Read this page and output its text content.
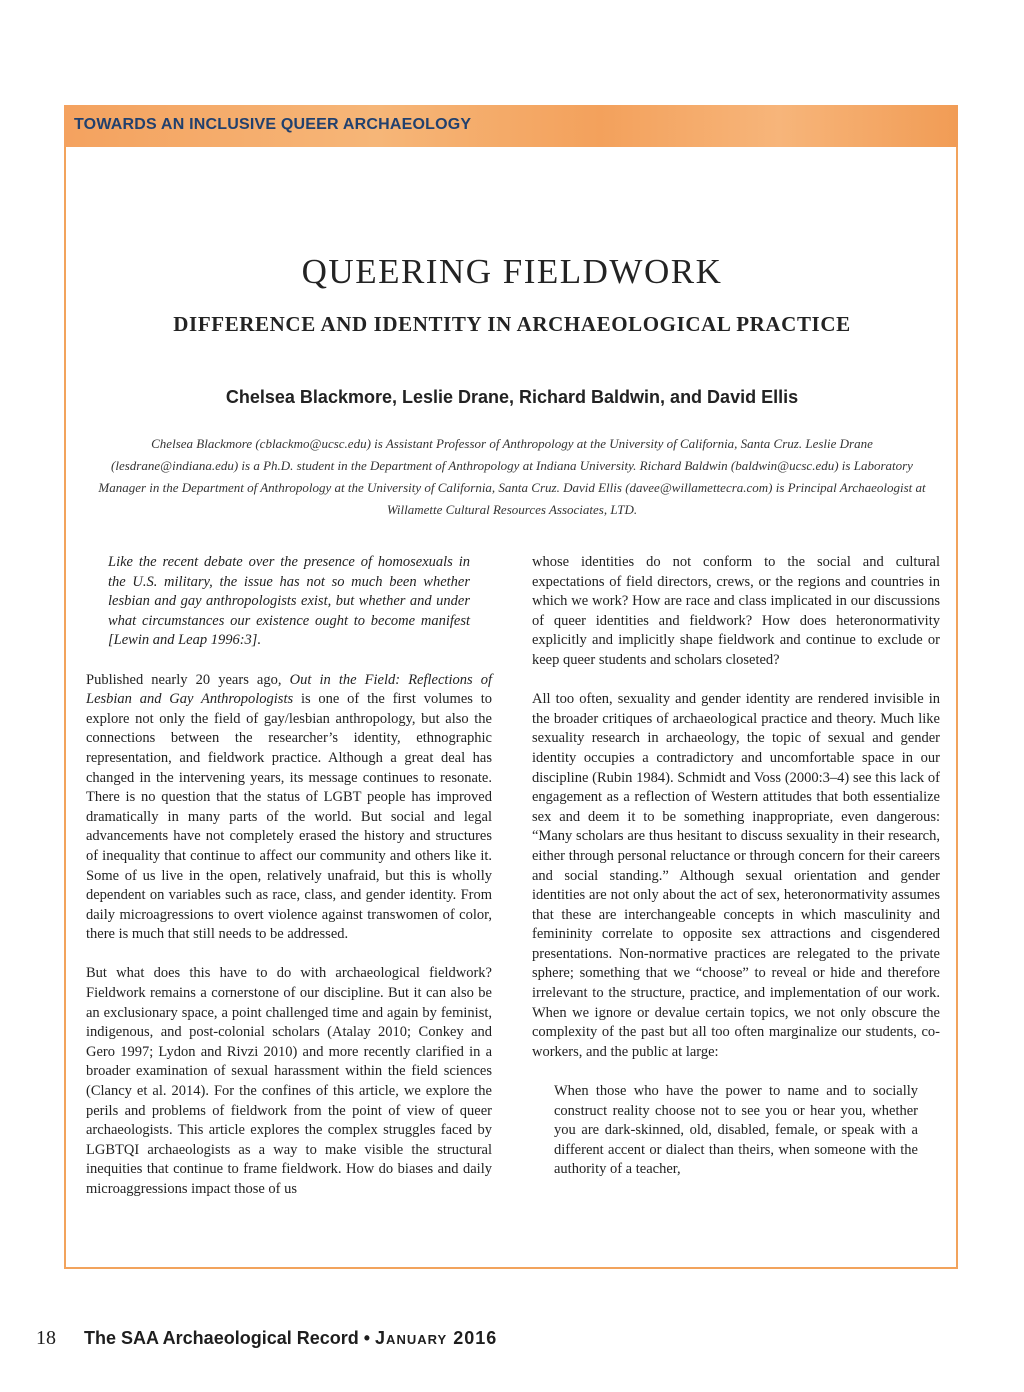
TOWARDS AN INCLUSIVE QUEER ARCHAEOLOGY

QUEERING FIELDWORK
DIFFERENCE AND IDENTITY IN ARCHAEOLOGICAL PRACTICE

Chelsea Blackmore, Leslie Drane, Richard Baldwin, and David Ellis

Chelsea Blackmore (cblackmo@ucsc.edu) is Assistant Professor of Anthropology at the University of California, Santa Cruz. Leslie Drane (lesdrane@indiana.edu) is a Ph.D. student in the Department of Anthropology at Indiana University. Richard Baldwin (baldwin@ucsc.edu) is Laboratory Manager in the Department of Anthropology at the University of California, Santa Cruz. David Ellis (davee@willamettecra.com) is Principal Archaeologist at Willamette Cultural Resources Associates, LTD.

Like the recent debate over the presence of homosexuals in the U.S. military, the issue has not so much been whether lesbian and gay anthropologists exist, but whether and under what circumstances our existence ought to become manifest [Lewin and Leap 1996:3].

Published nearly 20 years ago, Out in the Field: Reflections of Lesbian and Gay Anthropologists is one of the first volumes to explore not only the field of gay/lesbian anthropology, but also the connections between the researcher’s identity, ethnographic representation, and fieldwork practice. Although a great deal has changed in the intervening years, its message continues to resonate. There is no question that the status of LGBT people has improved dramatically in many parts of the world. But social and legal advancements have not completely erased the history and structures of inequality that continue to affect our community and others like it. Some of us live in the open, relatively unafraid, but this is wholly dependent on variables such as race, class, and gender identity. From daily microagressions to overt violence against transwomen of color, there is much that still needs to be addressed.

But what does this have to do with archaeological fieldwork? Fieldwork remains a cornerstone of our discipline. But it can also be an exclusionary space, a point challenged time and again by feminist, indigenous, and post-colonial scholars (Atalay 2010; Conkey and Gero 1997; Lydon and Rivzi 2010) and more recently clarified in a broader examination of sexual harassment within the field sciences (Clancy et al. 2014). For the confines of this article, we explore the perils and problems of fieldwork from the point of view of queer archaeologists. This article explores the complex struggles faced by LGBTQI archaeologists as a way to make visible the structural inequities that continue to frame fieldwork. How do biases and daily microaggressions impact those of us

whose identities do not conform to the social and cultural expectations of field directors, crews, or the regions and countries in which we work? How are race and class implicated in our discussions of queer identities and fieldwork? How does heteronormativity explicitly and implicitly shape fieldwork and continue to exclude or keep queer students and scholars closeted?

All too often, sexuality and gender identity are rendered invisible in the broader critiques of archaeological practice and theory. Much like sexuality research in archaeology, the topic of sexual and gender identity occupies a contradictory and uncomfortable space in our discipline (Rubin 1984). Schmidt and Voss (2000:3–4) see this lack of engagement as a reflection of Western attitudes that both essentialize sex and deem it to be something inappropriate, even dangerous: “Many scholars are thus hesitant to discuss sexuality in their research, either through personal reluctance or through concern for their careers and social standing.” Although sexual orientation and gender identities are not only about the act of sex, heteronormativity assumes that these are interchangeable concepts in which masculinity and femininity correlate to opposite sex attractions and cisgendered presentations. Non-normative practices are relegated to the private sphere; something that we “choose” to reveal or hide and therefore irrelevant to the structure, practice, and implementation of our work. When we ignore or devalue certain topics, we not only obscure the complexity of the past but all too often marginalize our students, co-workers, and the public at large:

When those who have the power to name and to socially construct reality choose not to see you or hear you, whether you are dark-skinned, old, disabled, female, or speak with a different accent or dialect than theirs, when someone with the authority of a teacher,

18 The SAA Archaeological Record • January 2016
